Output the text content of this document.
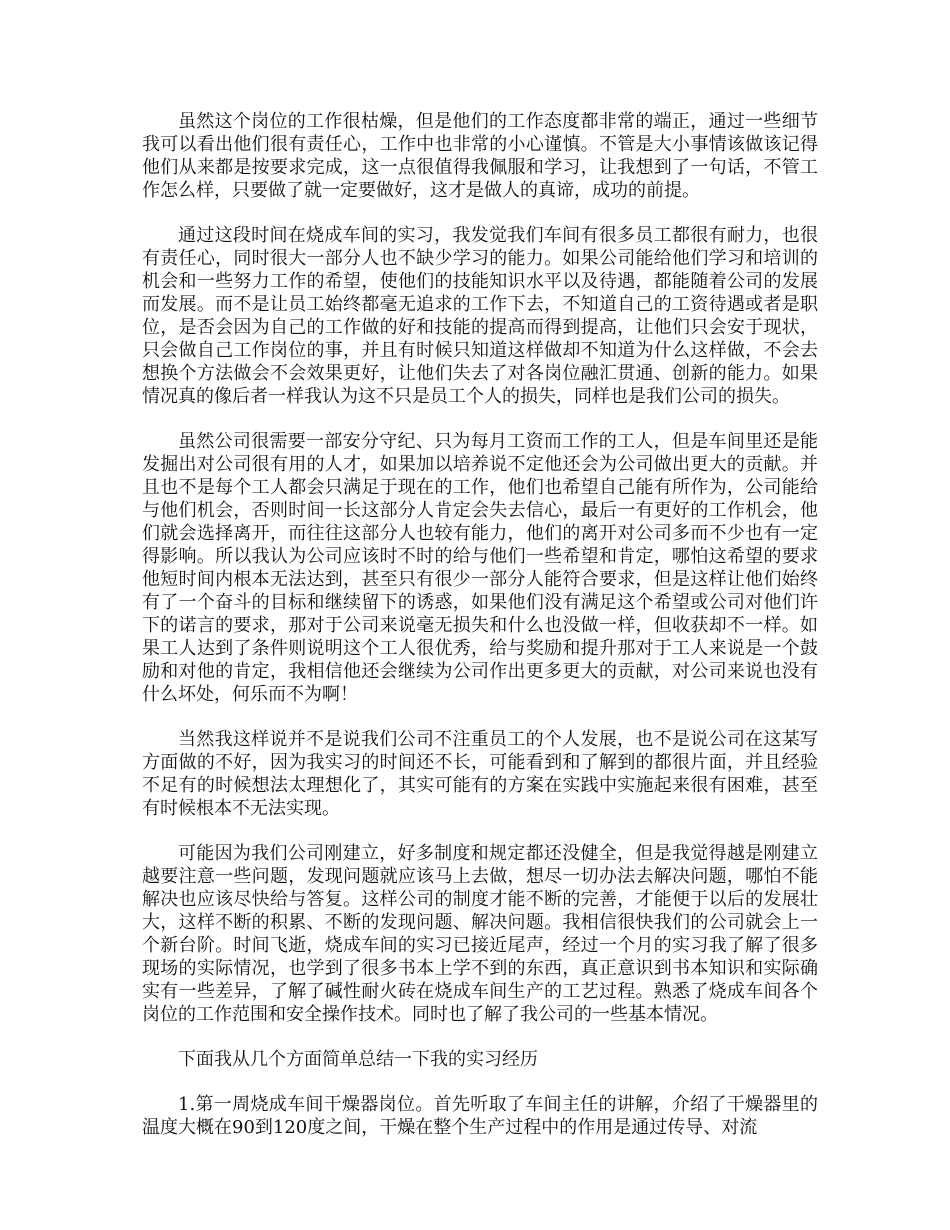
虽然这个岗位的工作很枯燥，但是他们的工作态度都非常的端正，通过一些细节我可以看出他们很有责任心，工作中也非常的小心谨慎。不管是大小事情该做该记得他们从来都是按要求完成，这一点很值得我佩服和学习，让我想到了一句话，不管工作怎么样，只要做了就一定要做好，这才是做人的真谛，成功的前提。

通过这段时间在烧成车间的实习，我发觉我们车间有很多员工都很有耐力，也很有责任心，同时很大一部分人也不缺少学习的能力。如果公司能给他们学习和培训的机会和一些努力工作的希望，使他们的技能知识水平以及待遇，都能随着公司的发展而发展。而不是让员工始终都毫无追求的工作下去，不知道自己的工资待遇或者是职位，是否会因为自己的工作做的好和技能的提高而得到提高，让他们只会安于现状，只会做自己工作岗位的事，并且有时候只知道这样做却不知道为什么这样做，不会去想换个方法做会不会效果更好，让他们失去了对各岗位融汇贯通、创新的能力。如果情况真的像后者一样我认为这不只是员工个人的损失，同样也是我们公司的损失。

虽然公司很需要一部安分守纪、只为每月工资而工作的工人，但是车间里还是能发掘出对公司很有用的人才，如果加以培养说不定他还会为公司做出更大的贡献。并且也不是每个工人都会只满足于现在的工作，他们也希望自己能有所作为，公司能给与他们机会，否则时间一长这部分人肯定会失去信心，最后一有更好的工作机会，他们就会选择离开，而往往这部分人也较有能力，他们的离开对公司多而不少也有一定得影响。所以我认为公司应该时不时的给与他们一些希望和肯定，哪怕这希望的要求他短时间内根本无法达到，甚至只有很少一部分人能符合要求，但是这样让他们始终有了一个奋斗的目标和继续留下的诱惑，如果他们没有满足这个希望或公司对他们许下的诺言的要求，那对于公司来说毫无损失和什么也没做一样，但收获却不一样。如果工人达到了条件则说明这个工人很优秀，给与奖励和提升那对于工人来说是一个鼓励和对他的肯定，我相信他还会继续为公司作出更多更大的贡献，对公司来说也没有什么坏处，何乐而不为啊！

当然我这样说并不是说我们公司不注重员工的个人发展，也不是说公司在这某写方面做的不好，因为我实习的时间还不长，可能看到和了解到的都很片面，并且经验不足有的时候想法太理想化了，其实可能有的方案在实践中实施起来很有困难，甚至有时候根本不无法实现。

可能因为我们公司刚建立，好多制度和规定都还没健全，但是我觉得越是刚建立越要注意一些问题，发现问题就应该马上去做，想尽一切办法去解决问题，哪怕不能解决也应该尽快给与答复。这样公司的制度才能不断的完善，才能便于以后的发展壮大，这样不断的积累、不断的发现问题、解决问题。我相信很快我们的公司就会上一个新台阶。时间飞逝，烧成车间的实习已接近尾声，经过一个月的实习我了解了很多现场的实际情况，也学到了很多书本上学不到的东西，真正意识到书本知识和实际确实有一些差异，了解了碱性耐火砖在烧成车间生产的工艺过程。熟悉了烧成车间各个岗位的工作范围和安全操作技术。同时也了解了我公司的一些基本情况。

下面我从几个方面简单总结一下我的实习经历

1.第一周烧成车间干燥器岗位。首先听取了车间主任的讲解，介绍了干燥器里的温度大概在90到120度之间，干燥在整个生产过程中的作用是通过传导、对流
